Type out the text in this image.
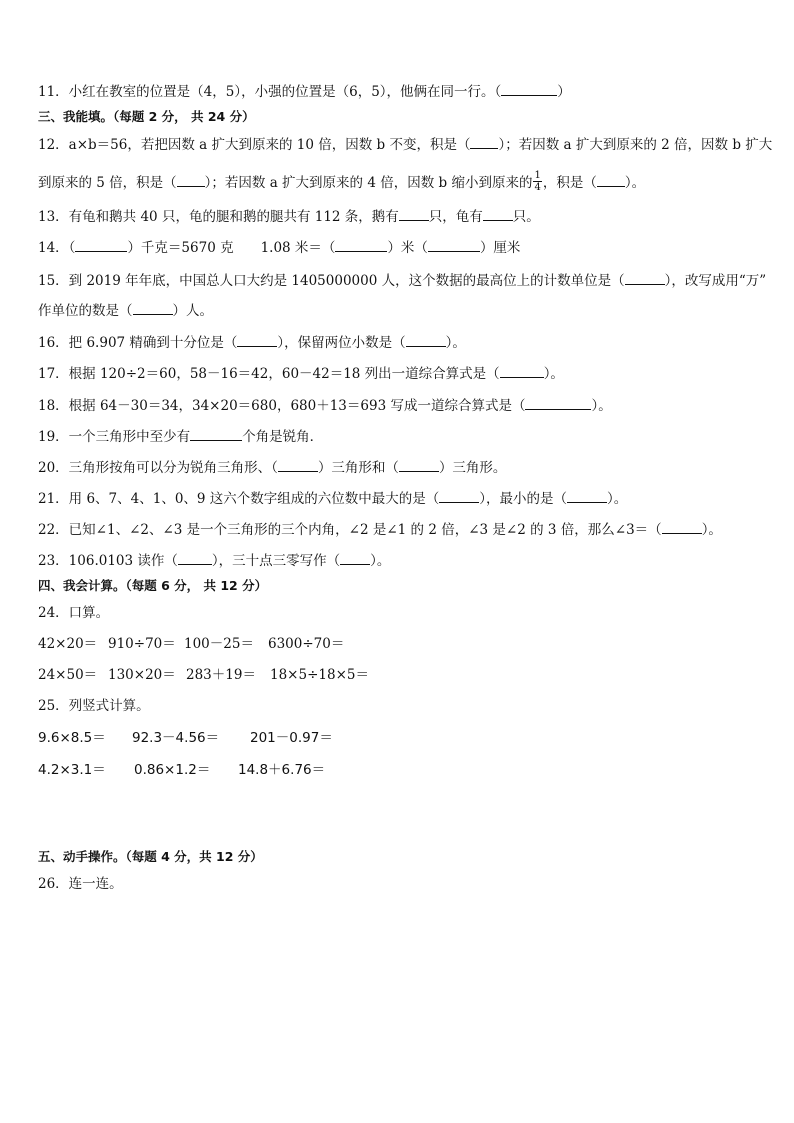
11．小红在教室的位置是（4，5），小强的位置是（6，5），他俩在同一行。（	）
三、我能填。（每题 2 分， 共 24 分）
12．a×b＝56，若把因数 a 扩大到原来的 10 倍，因数 b 不变，积是（ ）；若因数 a 扩大到原来的 2 倍，因数 b 扩大
到原来的 5 倍，积是（ ）；若因数 a 扩大到原来的 4 倍，因数 b 缩小到原来的 $\frac{1}{4}$ ，积是（ ）。
13．有龟和鹅共 40 只，龟的腿和鹅的腿共有 112 条，鹅有 只，龟有 只。
14．（	）千克＝5670 克　　1.08 米＝（	）米（	）厘米
15．到 2019 年年底，中国总人口大约是 1405000000 人，这个数据的最高位上的计数单位是（	），改写成用“万”
作单位的数是（	）人。
16．把 6.907 精确到十分位是（	），保留两位小数是（	）。
17．根据 120÷2＝60，58－16＝42，60－42＝18 列出一道综合算式是（	）。
18．根据 64－30＝34，34×20＝680，680＋13＝693 写成一道综合算式是（	）。
19．一个三角形中至少有	个角是锐角．
20．三角形按角可以分为锐角三角形、（	）三角形和（	）三角形。
21．用 6、7、4、1、0、9 这六个数字组成的六位数中最大的是（	），最小的是（	）。
22．已知∠1、∠2、∠3 是一个三角形的三个内角，∠2 是∠1 的 2 倍，∠3 是∠2 的 3 倍，那么∠3＝（	）。
23．106.0103 读作（	），三十点三零写作（ ）。
四、我会计算。（每题 6 分， 共 12 分）
24．口算。
42×20＝ 910÷70＝ 100－25＝ 6300÷70＝
24×50＝ 130×20＝ 283＋19＝ 18×5÷18×5＝
25．列竖式计算。
9.6×8.5＝ 92.3－4.56＝ 201－0.97＝
4.2×3.1＝ 0.86×1.2＝ 14.8＋6.76＝
五、动手操作。（每题 4 分，共 12 分）
26．连一连。
